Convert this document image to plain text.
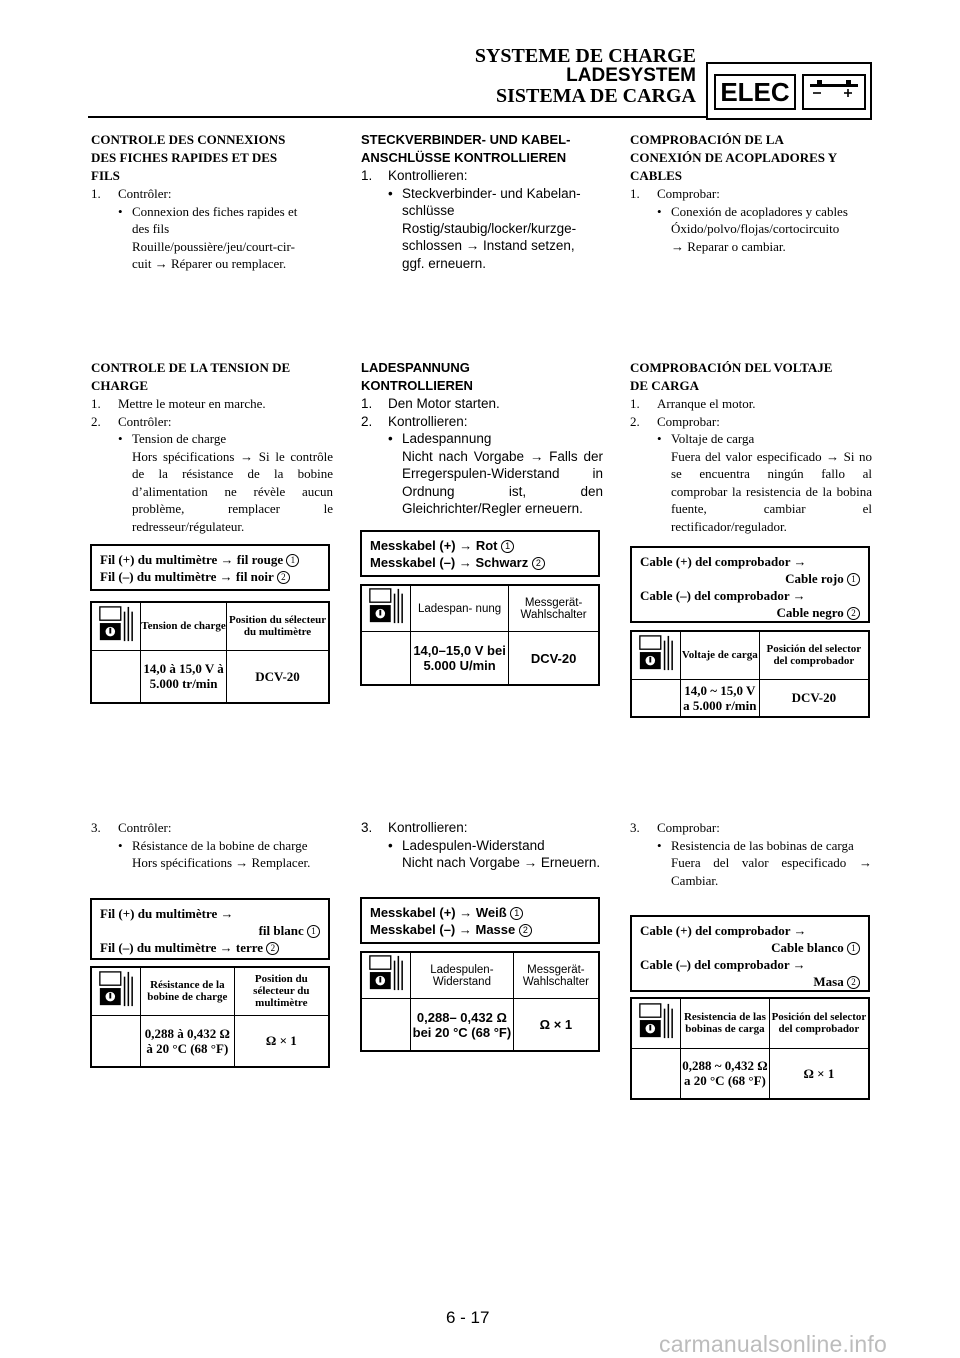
SYSTEME DE CHARGE
LADESYSTEM
SISTEMA DE CARGA ELEC

CONTROLE DES CONNEXIONS

DES FICHES RAPIDES ET DES

FILS

1.	Contrôler:
• Connexion des fiches rapides et

des fils

Rouille/poussière/jeu/court-cir-

cuit → Réparer ou remplacer.

STECKVERBINDER- UND KABEL-

ANSCHLÜSSE KONTROLLIEREN

1.	Kontrollieren:
• Steckverbinder- und Kabelan-

schlüsse

Rostig/staubig/locker/kurzge-

schlossen → Instand setzen,

ggf. erneuern.

COMPROBACIÓN DE LA

CONEXIÓN DE ACOPLADORES Y

CABLES

1.	Comprobar:
• Conexión de acopladores y cables

Óxido/polvo/flojas/cortocircuito

→ Reparar o cambiar.

CONTROLE DE LA TENSION DE

CHARGE

1.	Mettre le moteur en marche.
2.	Contrôler:
• Tension de charge

Hors spécifications → Si le contrôle de la résistance de la bobine d’alimentation ne révèle aucun problème, remplacer le redresseur/régulateur.

LADESPANNUNG

KONTROLLIEREN

1.	Den Motor starten.
2.	Kontrollieren:
• Ladespannung

Nicht nach Vorgabe → Falls der Erregerspulen-Widerstand in Ordnung ist, den Gleichrichter/Regler erneuern.

COMPROBACIÓN DEL VOLTAJE

DE CARGA

1.	Arranque el motor.
2.	Comprobar:
• Voltaje de carga

Fuera del valor especificado → Si no se encuentra ningún fallo al comprobar la resistencia de la bobina fuente, cambiar el rectificador/regulador.

Fil (+) du multimètre → fil rouge 1
Fil (–) du multimètre → fil noir 2
Messkabel (+) → Rot 1
Messkabel (–) → Schwarz 2	Cable (+) del comprobador →
Cable rojo 1
Cable (–) del comprobador →
Cable negro 2
	Tension de charge	Position du sélecteur du multimètre
	14,0 à 15,0 V à 5.000 tr/min	DCV-20
	Ladespan- nung	Messgerät- Wahlschalter
	14,0–15,0 V bei 5.000 U/min	DCV-20
		Voltaje de carga	Posición del selector del comprobador
	14,0 ~ 15,0 V a 5.000 r/min	DCV-20
3.	Contrôler:
• Résistance de la bobine de charge

Hors spécifications → Remplacer.

3.	Kontrollieren:
• Ladespulen-Widerstand

Nicht nach Vorgabe → Erneuern.

3.	Comprobar:
• Resistencia de las bobinas de carga

Fuera del valor especificado → Cambiar.

Fil (+) du multimètre →
fil blanc 1
Fil (–) du multimètre → terre 2
Messkabel (+) → Weiß 1
Messkabel (–) → Masse 2	Cable (+) del comprobador →
Cable blanco 1
Cable (–) del comprobador →
Masa 2
	Résistance de la bobine de charge	Position du sélecteur du multimètre
	0,288 à 0,432 Ω à 20 °C (68 °F)	Ω × 1
	Ladespulen- Widerstand	Messgerät- Wahlschalter
	0,288– 0,432 Ω bei 20 °C (68 °F)	Ω × 1
		Resistencia de las bobinas de carga	Posición del selector del comprobador
	0,288 ~ 0,432 Ω a 20 °C (68 °F)	Ω × 1
6 - 17
carmanualsonline.info
